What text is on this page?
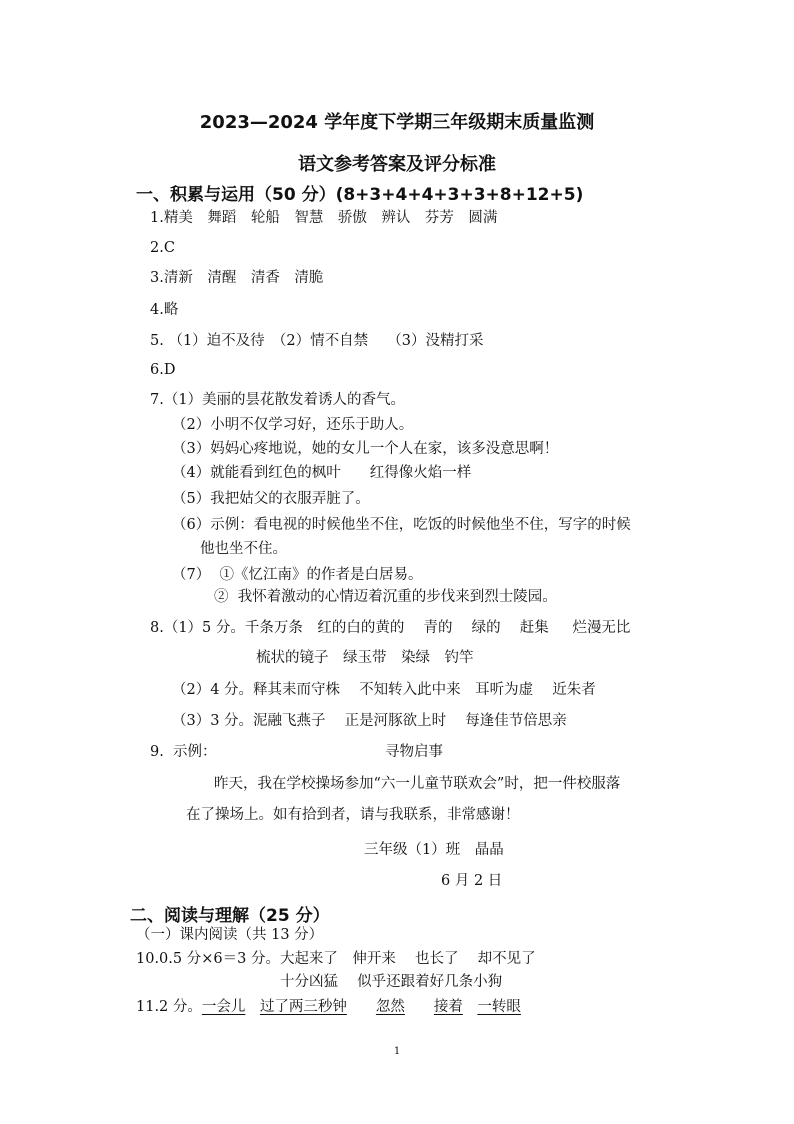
2023—2024 学年度下学期三年级期末质量监测
语文参考答案及评分标准
一、积累与运用（50 分）(8+3+4+4+3+3+8+12+5)
1.精美　舞蹈　轮船　智慧　骄傲　辨认　芬芳　圆满
2.C
3.清新　清醒　清香　清脆
4.略
5. （1）迫不及待　（2）情不自禁　 （3）没精打采
6.D
7.（1）美丽的昙花散发着诱人的香气。
（2）小明不仅学习好，还乐于助人。
（3）妈妈心疼地说，她的女儿一个人在家，该多没意思啊！
（4）就能看到红色的枫叶　　红得像火焰一样
（5）我把姑父的衣服弄脏了。
（6）示例：看电视的时候他坐不住，吃饭的时候他坐不住，写字的时候
他也坐不住。
（7）  ①《忆江南》的作者是白居易。
②  我怀着激动的心情迈着沉重的步伐来到烈士陵园。
8.（1）5 分。千条万条　红的白的黄的　 青的　 绿的　 赶集　  烂漫无比
梳状的镜子　绿玉带　染绿　钓竿
（2）4 分。释其耒而守株　 不知转入此中来　耳听为虚　 近朱者
（3）3 分。泥融飞燕子　 正是河豚欲上时　 每逢佳节倍思亲
9.  示例：	寻物启事
昨天，我在学校操场参加“六一儿童节联欢会”时，把一件校服落
在了操场上。如有拾到者，请与我联系，非常感谢！
三年级（1）班　晶晶
6 月 2 日
二、阅读与理解（25 分）
（一）课内阅读（共 13 分）
10.0.5 分×6＝3 分。大起来了　伸开来　 也长了　 却不见了
十分凶猛　 似乎还跟着好几条小狗
11.2 分。一会儿　 过了两三秒钟　　 忽然　　 接着　 一转眼
1
